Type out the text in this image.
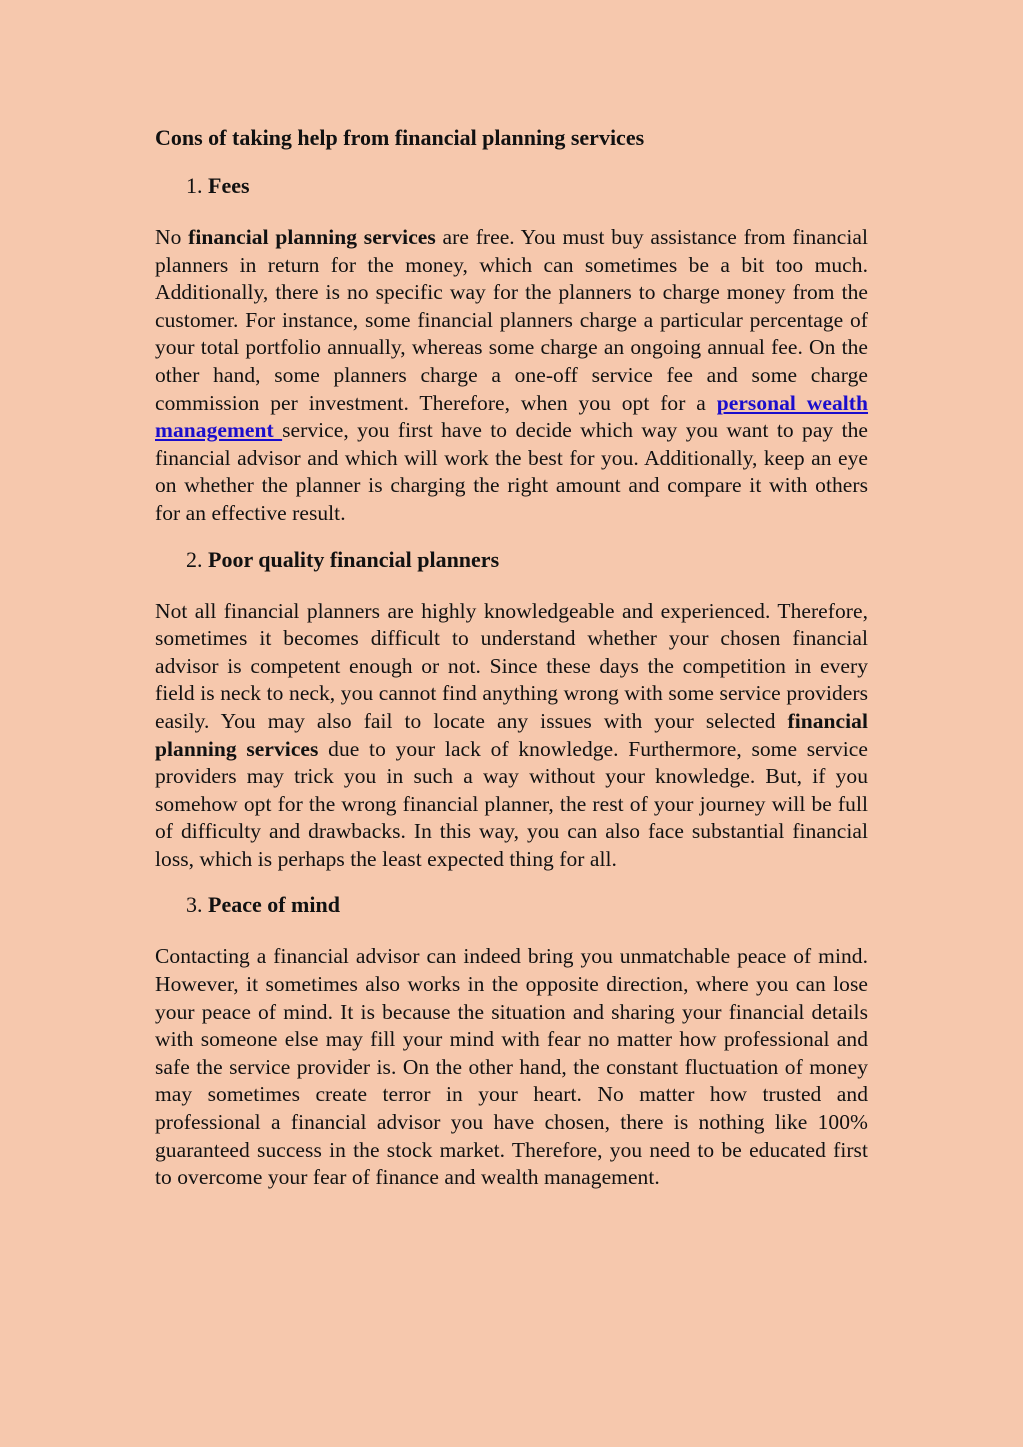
Cons of taking help from financial planning services
1. Fees

No financial planning services are free. You must buy assistance from financial planners in return for the money, which can sometimes be a bit too much. Additionally, there is no specific way for the planners to charge money from the customer. For instance, some financial planners charge a particular percentage of your total portfolio annually, whereas some charge an ongoing annual fee. On the other hand, some planners charge a one-off service fee and some charge commission per investment. Therefore, when you opt for a personal wealth management service, you first have to decide which way you want to pay the financial advisor and which will work the best for you. Additionally, keep an eye on whether the planner is charging the right amount and compare it with others for an effective result.

2. Poor quality financial planners

Not all financial planners are highly knowledgeable and experienced. Therefore, sometimes it becomes difficult to understand whether your chosen financial advisor is competent enough or not. Since these days the competition in every field is neck to neck, you cannot find anything wrong with some service providers easily. You may also fail to locate any issues with your selected financial planning services due to your lack of knowledge. Furthermore, some service providers may trick you in such a way without your knowledge. But, if you somehow opt for the wrong financial planner, the rest of your journey will be full of difficulty and drawbacks. In this way, you can also face substantial financial loss, which is perhaps the least expected thing for all.

3. Peace of mind

Contacting a financial advisor can indeed bring you unmatchable peace of mind. However, it sometimes also works in the opposite direction, where you can lose your peace of mind. It is because the situation and sharing your financial details with someone else may fill your mind with fear no matter how professional and safe the service provider is. On the other hand, the constant fluctuation of money may sometimes create terror in your heart. No matter how trusted and professional a financial advisor you have chosen, there is nothing like 100% guaranteed success in the stock market. Therefore, you need to be educated first to overcome your fear of finance and wealth management.
